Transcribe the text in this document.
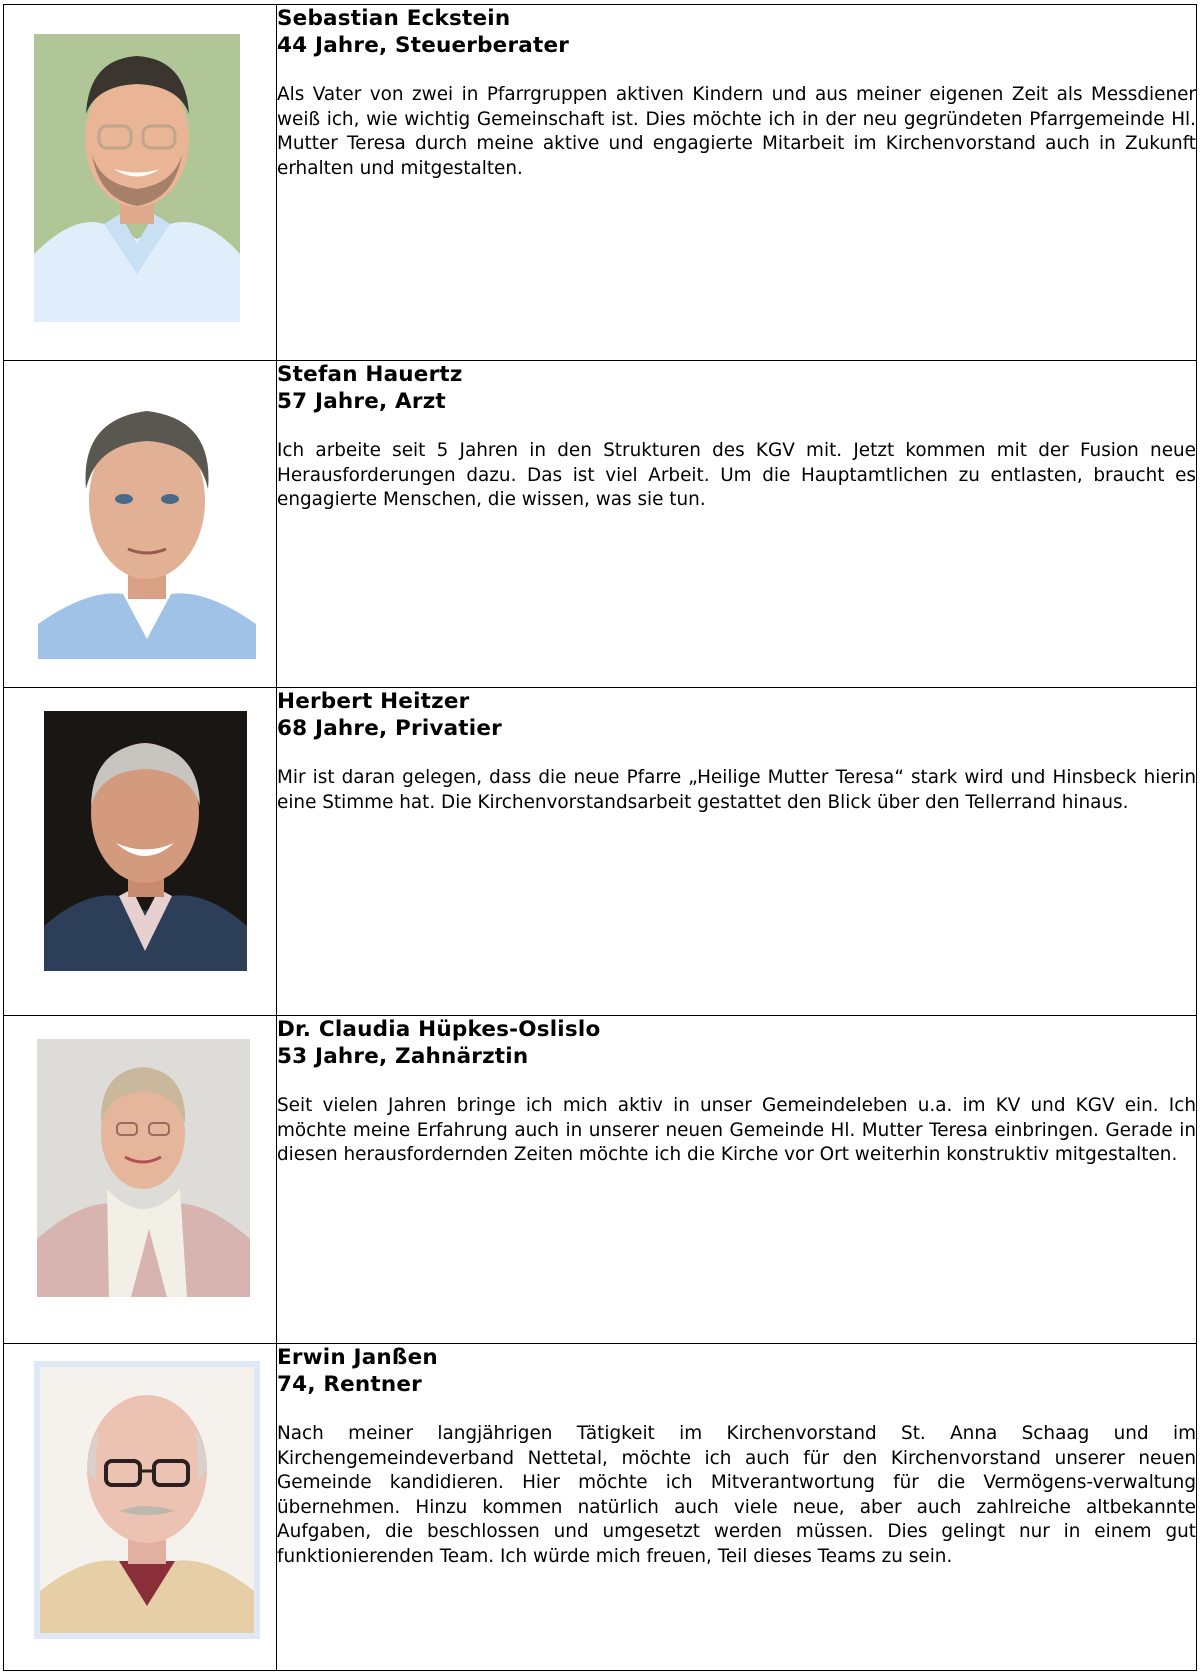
Sebastian Eckstein
44 Jahre, Steuerberater
Als Vater von zwei in Pfarrgruppen aktiven Kindern und aus meiner eigenen Zeit als Messdiener weiß ich, wie wichtig Gemeinschaft ist. Dies möchte ich in der neu gegründeten Pfarrgemeinde Hl. Mutter Teresa durch meine aktive und engagierte Mitarbeit im Kirchenvorstand auch in Zukunft erhalten und mitgestalten.

Stefan Hauertz
57 Jahre, Arzt
Ich arbeite seit 5 Jahren in den Strukturen des KGV mit. Jetzt kommen mit der Fusion neue Herausforderungen dazu. Das ist viel Arbeit. Um die Hauptamtlichen zu entlasten, braucht es engagierte Menschen, die wissen, was sie tun.

Herbert Heitzer
68 Jahre, Privatier
Mir ist daran gelegen, dass die neue Pfarre „Heilige Mutter Teresa“ stark wird und Hinsbeck hierin eine Stimme hat. Die Kirchenvorstandsarbeit gestattet den Blick über den Tellerrand hinaus.

Dr. Claudia Hüpkes-Oslislo
53 Jahre, Zahnärztin
Seit vielen Jahren bringe ich mich aktiv in unser Gemeindeleben u.a. im KV und KGV ein. Ich möchte meine Erfahrung auch in unserer neuen Gemeinde Hl. Mutter Teresa einbringen. Gerade in diesen herausfordernden Zeiten möchte ich die Kirche vor Ort weiterhin konstruktiv mitgestalten.

Erwin Janßen
74, Rentner
Nach meiner langjährigen Tätigkeit im Kirchenvorstand St. Anna Schaag und im Kirchengemeindeverband Nettetal, möchte ich auch für den Kirchenvorstand unserer neuen Gemeinde kandidieren. Hier möchte ich Mitverantwortung für die Vermögens-verwaltung übernehmen. Hinzu kommen natürlich auch viele neue, aber auch zahlreiche altbekannte Aufgaben, die beschlossen und umgesetzt werden müssen. Dies gelingt nur in einem gut funktionierenden Team. Ich würde mich freuen, Teil dieses Teams zu sein.
